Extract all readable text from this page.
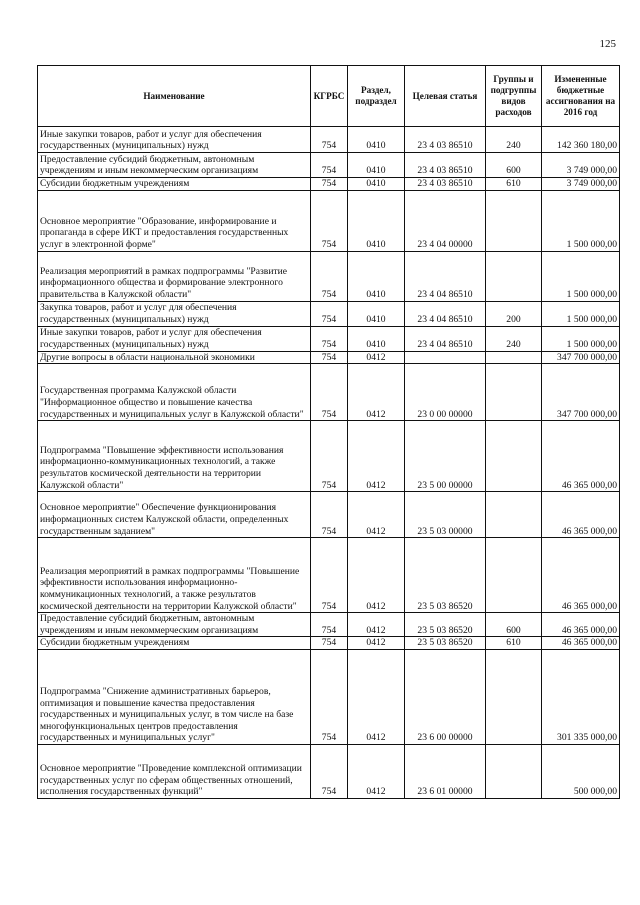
125
Наименование	КГРБС	Раздел, подраздел	Целевая статья	Группы и подгруппы видов расходов	Измененные бюджетные ассигнования на 2016 год
Иные закупки товаров, работ и услуг для обеспечения государственных (муниципальных) нужд	754	0410	23 4 03 86510	240	142 360 180,00
Предоставление субсидий бюджетным, автономным учреждениям и иным некоммерческим организациям	754	0410	23 4 03 86510	600	3 749 000,00
Субсидии бюджетным учреждениям	754	0410	23 4 03 86510	610	3 749 000,00
Основное мероприятие "Образование, информирование и пропаганда в сфере ИКТ и предоставления государственных услуг в электронной форме"	754	0410	23 4 04 00000		1 500 000,00
Реализация мероприятий в рамках подпрограммы "Развитие информационного общества и формирование электронного правительства в Калужской области"	754	0410	23 4 04 86510		1 500 000,00
Закупка товаров, работ и услуг для обеспечения государственных (муниципальных) нужд	754	0410	23 4 04 86510	200	1 500 000,00
Иные закупки товаров, работ и услуг для обеспечения государственных (муниципальных) нужд	754	0410	23 4 04 86510	240	1 500 000,00
Другие вопросы в области национальной экономики	754	0412			347 700 000,00
Государственная программа Калужской области "Информационное общество и повышение качества государственных и муниципальных услуг в Калужской области"	754	0412	23 0 00 00000		347 700 000,00
Подпрограмма "Повышение эффективности использования информационно-коммуникационных технологий, а также результатов космической деятельности на территории Калужской области"	754	0412	23 5 00 00000		46 365 000,00
Основное мероприятие" Обеспечение функционирования информационных систем Калужской области, определенных государственным заданием"	754	0412	23 5 03 00000		46 365 000,00
Реализация мероприятий в рамках подпрограммы "Повышение эффективности использования информационно-коммуникационных технологий, а также результатов космической деятельности на территории Калужской области"	754	0412	23 5 03 86520		46 365 000,00
Предоставление субсидий бюджетным, автономным учреждениям и иным некоммерческим организациям	754	0412	23 5 03 86520	600	46 365 000,00
Субсидии бюджетным учреждениям	754	0412	23 5 03 86520	610	46 365 000,00
Подпрограмма "Снижение административных барьеров, оптимизация и повышение качества предоставления государственных и муниципальных услуг, в том числе на базе многофункциональных центров предоставления государственных и муниципальных услуг"	754	0412	23 6 00 00000		301 335 000,00
Основное мероприятие "Проведение комплексной оптимизации государственных услуг по сферам общественных отношений, исполнения государственных функций"	754	0412	23 6 01 00000		500 000,00
